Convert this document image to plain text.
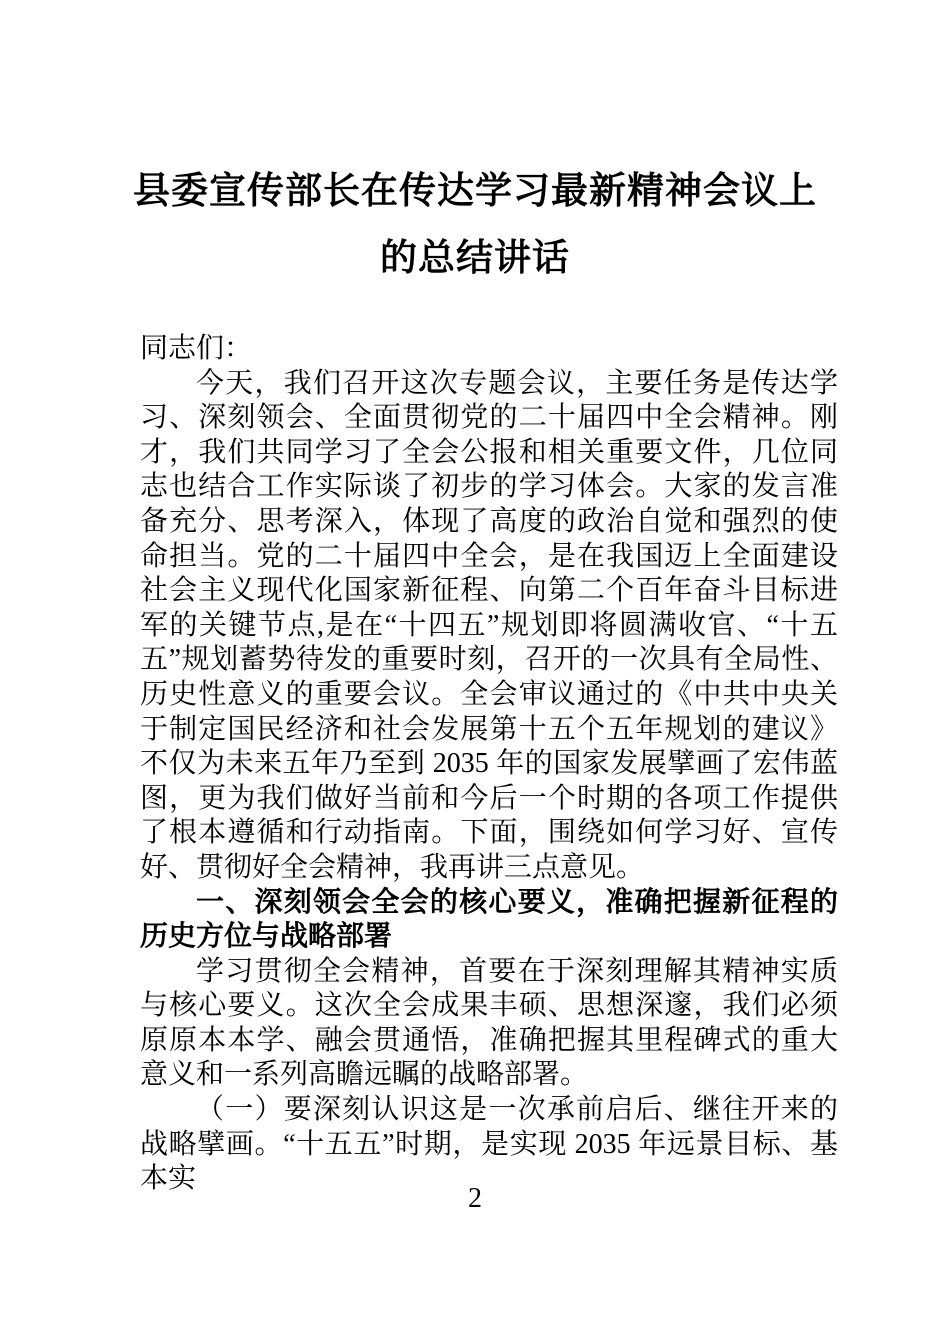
县委宣传部长在传达学习最新精神会议上
的总结讲话

同志们：

今天，我们召开这次专题会议，主要任务是传达学习、深刻领会、全面贯彻党的二十届四中全会精神。刚才，我们共同学习了全会公报和相关重要文件，几位同志也结合工作实际谈了初步的学习体会。大家的发言准备充分、思考深入，体现了高度的政治自觉和强烈的使命担当。党的二十届四中全会，是在我国迈上全面建设社会主义现代化国家新征程、向第二个百年奋斗目标进军的关键节点,是在“十四五”规划即将圆满收官、“十五五”规划蓄势待发的重要时刻，召开的一次具有全局性、历史性意义的重要会议。全会审议通过的《中共中央关于制定国民经济和社会发展第十五个五年规划的建议》不仅为未来五年乃至到 2035 年的国家发展擘画了宏伟蓝图，更为我们做好当前和今后一个时期的各项工作提供了根本遵循和行动指南。下面，围绕如何学习好、宣传好、贯彻好全会精神，我再讲三点意见。

一、深刻领会全会的核心要义，准确把握新征程的历史方位与战略部署

学习贯彻全会精神，首要在于深刻理解其精神实质与核心要义。这次全会成果丰硕、思想深邃，我们必须原原本本学、融会贯通悟，准确把握其里程碑式的重大意义和一系列高瞻远瞩的战略部署。

（一）要深刻认识这是一次承前启后、继往开来的战略擘画。“十五五”时期，是实现 2035 年远景目标、基本实

2
